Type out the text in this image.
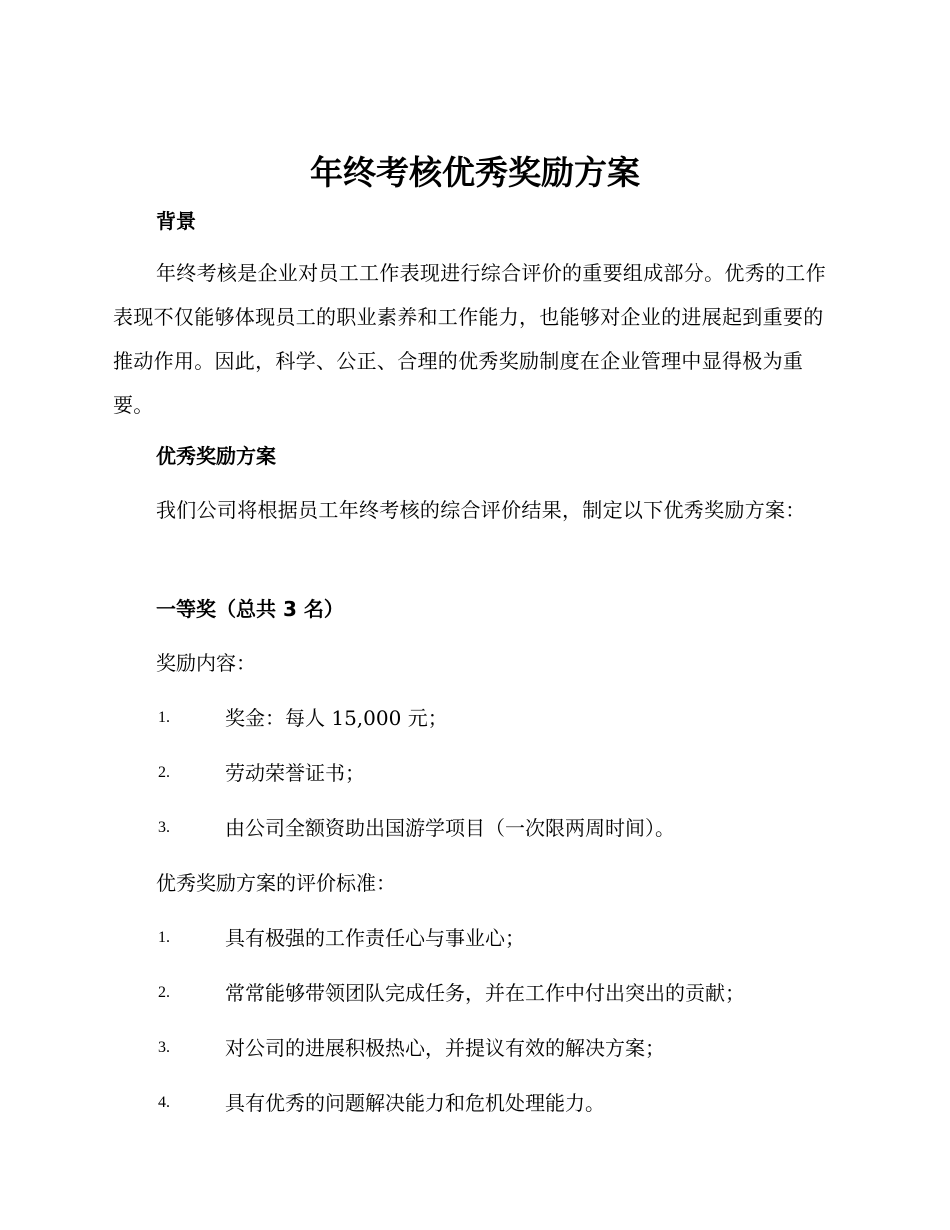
年终考核优秀奖励方案
背景

年终考核是企业对员工工作表现进行综合评价的重要组成部分。优秀的工作表现不仅能够体现员工的职业素养和工作能力，也能够对企业的进展起到重要的推动作用。因此，科学、公正、合理的优秀奖励制度在企业管理中显得极为重要。

优秀奖励方案

我们公司将根据员工年终考核的综合评价结果，制定以下优秀奖励方案：

一等奖（总共 3 名）
奖励内容：
1.	奖金：每人 15,000 元；
2.	劳动荣誉证书；
3.	由公司全额资助出国游学项目（一次限两周时间）。
优秀奖励方案的评价标准：
1.	具有极强的工作责任心与事业心；
2.	常常能够带领团队完成任务，并在工作中付出突出的贡献；
3.	对公司的进展积极热心，并提议有效的解决方案；
4.	具有优秀的问题解决能力和危机处理能力。
